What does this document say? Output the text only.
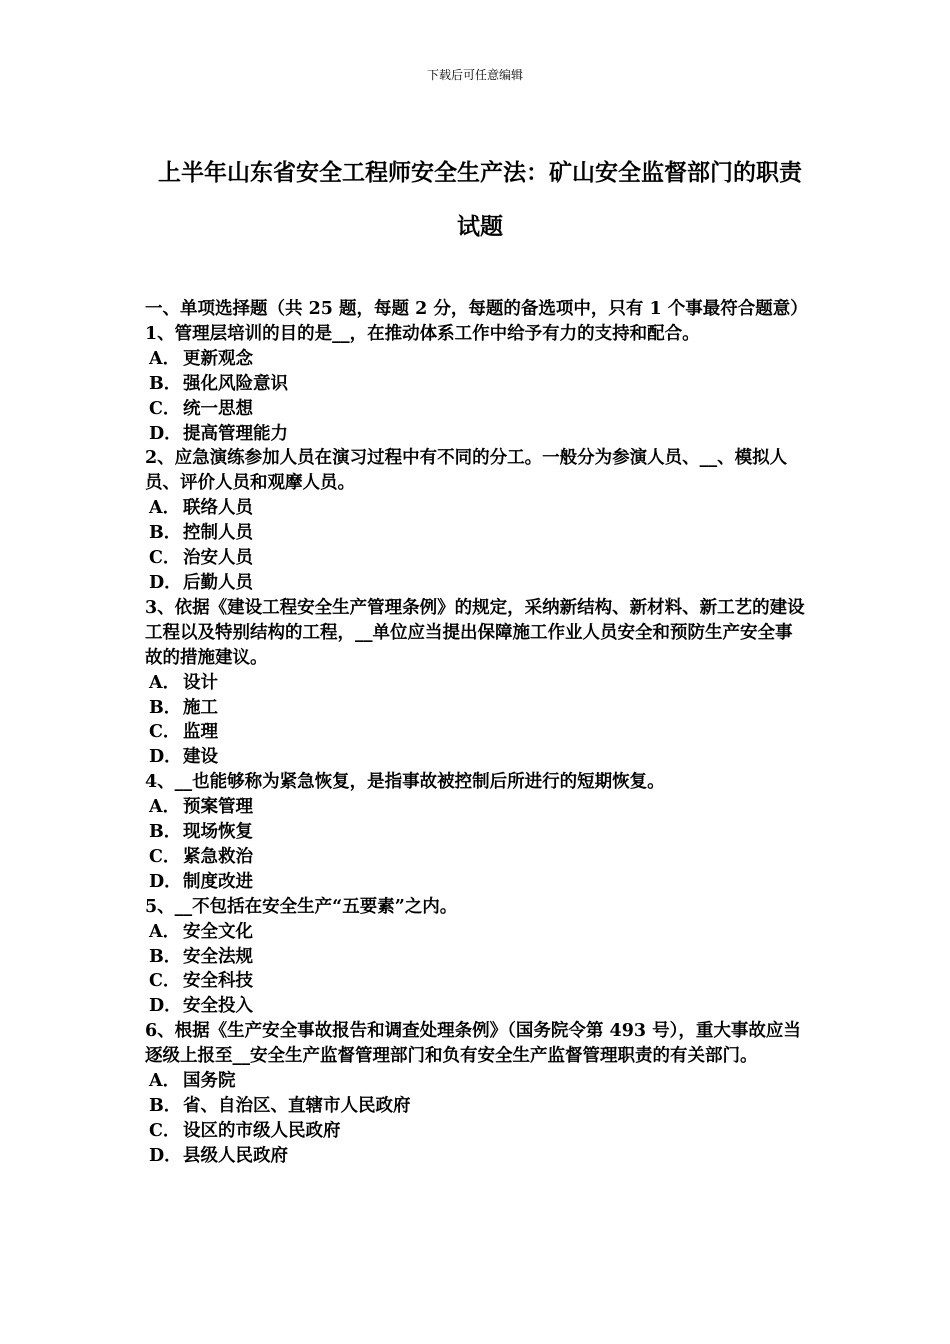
下载后可任意编辑
上半年山东省安全工程师安全生产法：矿山安全监督部门的职责试题

一、单项选择题（共 25 题，每题 2 分，每题的备选项中，只有 1 个事最符合题意）

1、管理层培训的目的是__，在推动体系工作中给予有力的支持和配合。

A． 更新观念
B．强化风险意识
C． 统一思想
D．提高管理能力

2、应急演练参加人员在演习过程中有不同的分工。一般分为参演人员、__、模拟人员、评价人员和观摩人员。

A． 联络人员
B．控制人员
C． 治安人员
D．后勤人员

3、依据《建设工程安全生产管理条例》的规定，采纳新结构、新材料、新工艺的建设工程以及特别结构的工程，__单位应当提出保障施工作业人员安全和预防生产安全事故的措施建议。

A． 设计
B．施工
C． 监理
D．建设

4、__也能够称为紧急恢复，是指事故被控制后所进行的短期恢复。

A． 预案管理
B．现场恢复
C． 紧急救治
D．制度改进

5、__不包括在安全生产“五要素”之内。

A． 安全文化
B．安全法规
C． 安全科技
D．安全投入

6、根据《生产安全事故报告和调查处理条例》（国务院令第 493 号），重大事故应当逐级上报至__安全生产监督管理部门和负有安全生产监督管理职责的有关部门。

A． 国务院
B．省、自治区、直辖市人民政府
C． 设区的市级人民政府
D．县级人民政府
